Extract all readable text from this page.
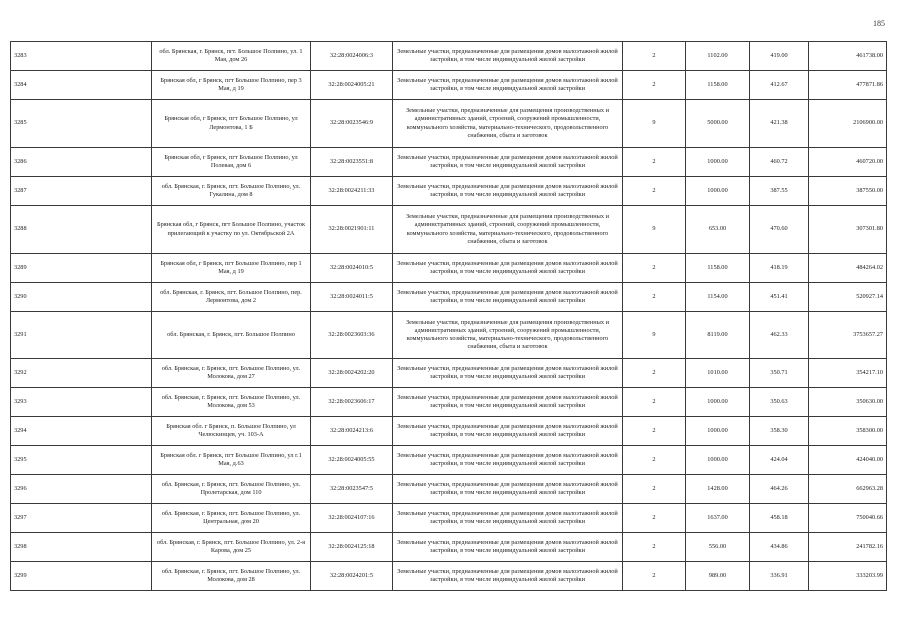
185
3283	обл. Брянская, г. Брянск, пгт. Большое Полпино, ул. 1 Мая, дом 26	32:28:0024006:3	Земельные участки, предназначенные для размещения домов малоэтажной жилой застройки, в том числе индивидуальной жилой застройки	2	1102.00	419.00	461738.00
3284	Брянская обл, г Брянск, пгт Большое Полпино, пер 3 Мая, д 19	32:28:0024005:21	Земельные участки, предназначенные для размещения домов малоэтажной жилой застройки, в том числе индивидуальной жилой застройки	2	1158.00	412.67	477871.86
3285	Брянская обл, г Брянск, пгт Большое Полпино, ул Лермонтова, 1 Б	32:28:0023546:9	Земельные участки, предназначенные для размещения производственных и административных зданий, строений, сооружений промышленности, коммунального хозяйства, материально-технического, продовольственного снабжения, сбыта и заготовок	9	5000.00	421.38	2106900.00
3286	Брянская обл, г Брянск, пгт Большое Полпино, ул Полевая, дом 6	32:28:0023551:8	Земельные участки, предназначенные для размещения домов малоэтажной жилой застройки, в том числе индивидуальной жилой застройки	2	1000.00	460.72	460720.00
3287	обл. Брянская, г. Брянск, пгт. Большое Полпино, ул. Гукалина, дом 8	32:28:0024211:33	Земельные участки, предназначенные для размещения домов малоэтажной жилой застройки, в том числе индивидуальной жилой застройки	2	1000.00	387.55	387550.00
3288	Брянская обл, г Брянск, пгт Большое Полпино, участок прилегающий к участку по ул. Октябрьской 2А	32:28:0021901:11	Земельные участки, предназначенные для размещения производственных и административных зданий, строений, сооружений промышленности, коммунального хозяйства, материально-технического, продовольственного снабжения, сбыта и заготовок	9	653.00	470.60	307301.80
3289	Брянская обл, г Брянск, пгт Большое Полпино, пер 1 Мая, д 19	32:28:0024010:5	Земельные участки, предназначенные для размещения домов малоэтажной жилой застройки, в том числе индивидуальной жилой застройки	2	1158.00	418.19	484264.02
3290	обл. Брянская, г. Брянск, пгт. Большое Полпино, пер. Лермонтова, дом 2	32:28:0024011:5	Земельные участки, предназначенные для размещения домов малоэтажной жилой застройки, в том числе индивидуальной жилой застройки	2	1154.00	451.41	520927.14
3291	обл. Брянская, г. Брянск, пгт. Большое Полпино	32:28:0023603:36	Земельные участки, предназначенные для размещения производственных и административных зданий, строений, сооружений промышленности, коммунального хозяйства, материально-технического, продовольственного снабжения, сбыта и заготовок	9	8119.00	462.33	3753657.27
3292	обл. Брянская, г. Брянск, пгт. Большое Полпино, ул. Молокова, дом 27	32:28:0024202:20	Земельные участки, предназначенные для размещения домов малоэтажной жилой застройки, в том числе индивидуальной жилой застройки	2	1010.00	350.71	354217.10
3293	обл. Брянская, г. Брянск, пгт. Большое Полпино, ул. Молокова, дом 53	32:28:0023606:17	Земельные участки, предназначенные для размещения домов малоэтажной жилой застройки, в том числе индивидуальной жилой застройки	2	1000.00	350.63	350630.00
3294	Брянская обл. г Брянск, п. Большое Полпино, ул Челюскинцев, уч. 103-А	32:28:0024213:6	Земельные участки, предназначенные для размещения домов малоэтажной жилой застройки, в том числе индивидуальной жилой застройки	2	1000.00	358.30	358300.00
3295	Брянская обл. г Брянск, пгт Большое Полпино, ул г.1 Мая, д.63	32:28:0024005:55	Земельные участки, предназначенные для размещения домов малоэтажной жилой застройки, в том числе индивидуальной жилой застройки	2	1000.00	424.04	424040.00
3296	обл. Брянская, г. Брянск, пгт. Большое Полпино, ул. Пролетарская, дом 110	32:28:0023547:5	Земельные участки, предназначенные для размещения домов малоэтажной жилой застройки, в том числе индивидуальной жилой застройки	2	1428.00	464.26	662963.28
3297	обл. Брянская, г. Брянск, пгт. Большое Полпино, ул. Центральная, дом 20	32:28:0024107:16	Земельные участки, предназначенные для размещения домов малоэтажной жилой застройки, в том числе индивидуальной жилой застройки	2	1637.00	458.18	750040.66
3298	обл. Брянская, г. Брянск, пгт. Большое Полпино, ул. 2-я Карова, дом 25	32:28:0024125:18	Земельные участки, предназначенные для размещения домов малоэтажной жилой застройки, в том числе индивидуальной жилой застройки	2	556.00	434.86	241782.16
3299	обл. Брянская, г. Брянск, пгт. Большое Полпино, ул. Молокова, дом 28	32:28:0024201:5	Земельные участки, предназначенные для размещения домов малоэтажной жилой застройки, в том числе индивидуальной жилой застройки	2	989.00	336.91	333203.99
